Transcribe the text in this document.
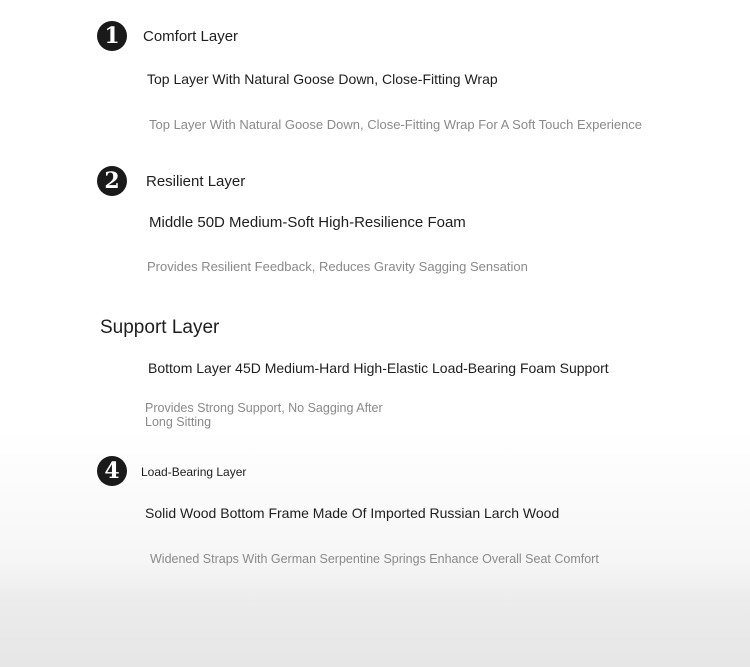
1	Comfort Layer
Top Layer With Natural Goose Down, Close-Fitting Wrap
Top Layer With Natural Goose Down, Close-Fitting Wrap For A Soft Touch Experience
2	Resilient Layer
Middle 50D Medium-Soft High-Resilience Foam
Provides Resilient Feedback, Reduces Gravity Sagging Sensation
Support Layer
Bottom Layer 45D Medium-Hard High-Elastic Load-Bearing Foam Support
Provides Strong Support, No Sagging After Long Sitting
4	Load-Bearing Layer
Solid Wood Bottom Frame Made Of Imported Russian Larch Wood
Widened Straps With German Serpentine Springs Enhance Overall Seat Comfort
